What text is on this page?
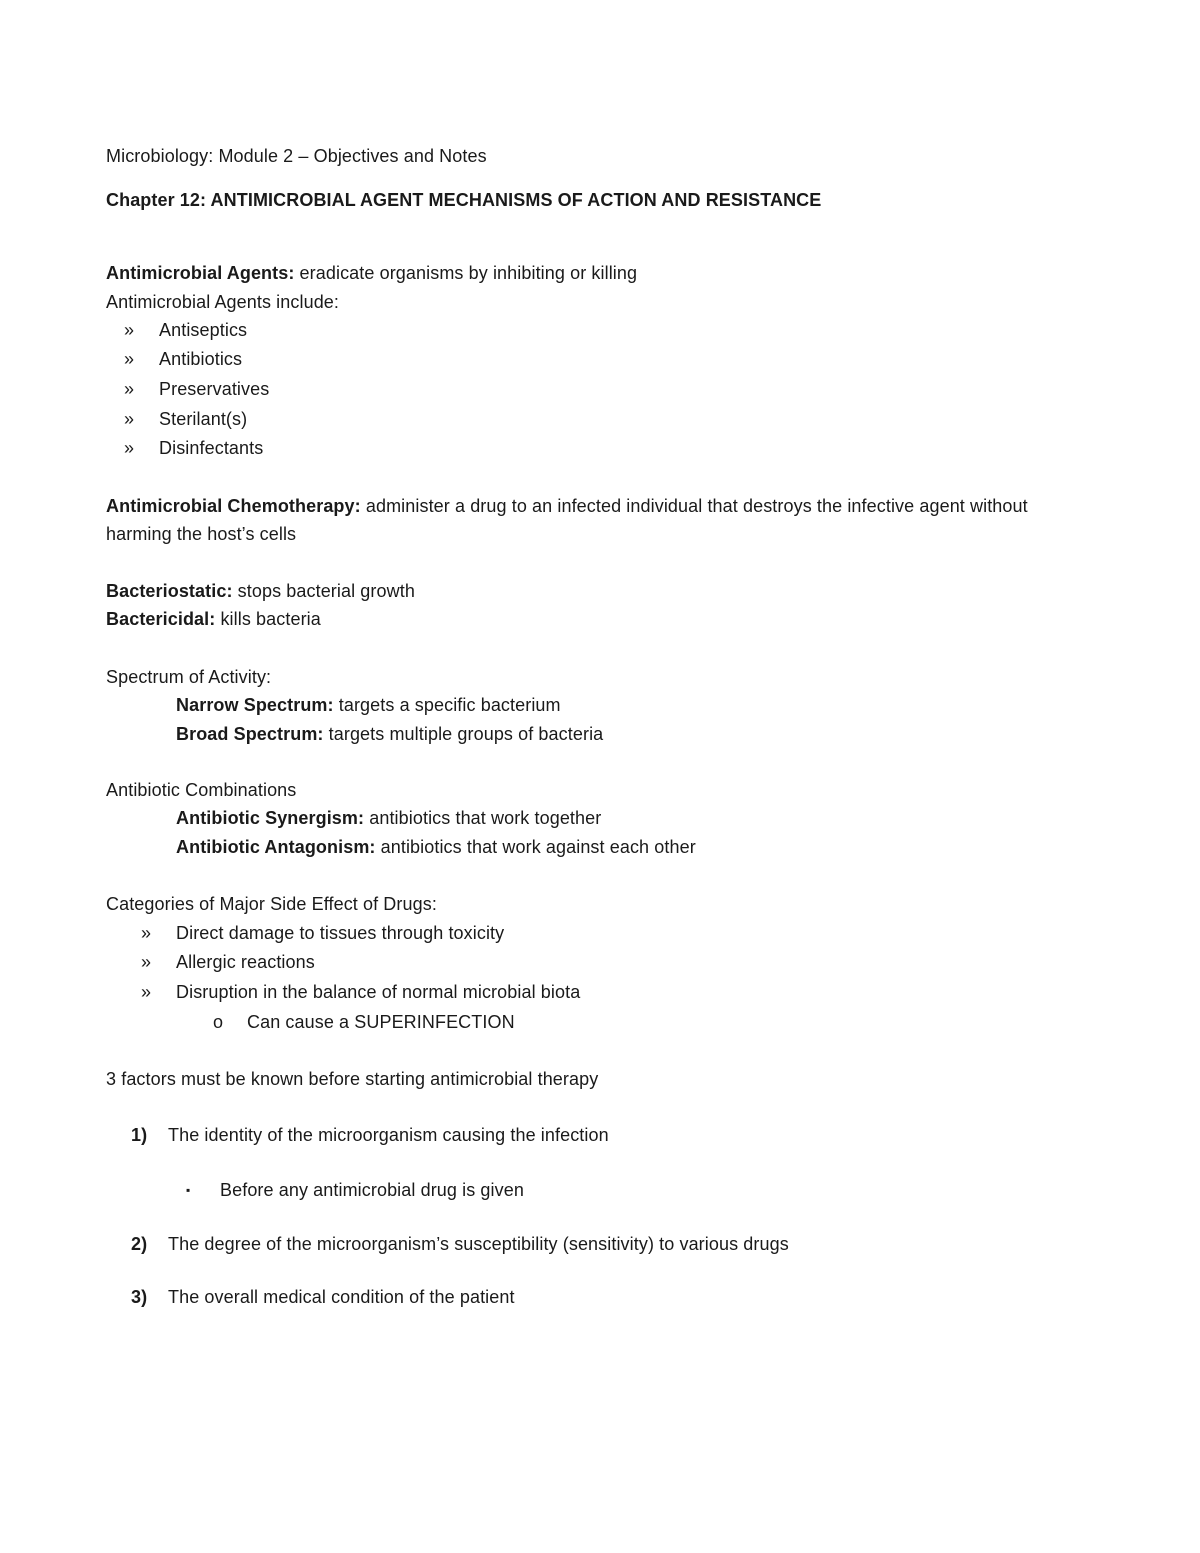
Microbiology: Module 2 – Objectives and Notes
Chapter 12: ANTIMICROBIAL AGENT MECHANISMS OF ACTION AND RESISTANCE
Antimicrobial Agents: eradicate organisms by inhibiting or killing
Antimicrobial Agents include:
» Antiseptics
» Antibiotics
» Preservatives
» Sterilant(s)
» Disinfectants
Antimicrobial Chemotherapy: administer a drug to an infected individual that destroys the infective agent without harming the host’s cells
Bacteriostatic: stops bacterial growth
Bactericidal: kills bacteria
Spectrum of Activity:
Narrow Spectrum: targets a specific bacterium
Broad Spectrum: targets multiple groups of bacteria
Antibiotic Combinations
Antibiotic Synergism: antibiotics that work together
Antibiotic Antagonism: antibiotics that work against each other
Categories of Major Side Effect of Drugs:
» Direct damage to tissues through toxicity
» Allergic reactions
» Disruption in the balance of normal microbial biota
o Can cause a SUPERINFECTION
3 factors must be known before starting antimicrobial therapy
1) The identity of the microorganism causing the infection
▪ Before any antimicrobial drug is given
2) The degree of the microorganism’s susceptibility (sensitivity) to various drugs
3) The overall medical condition of the patient
